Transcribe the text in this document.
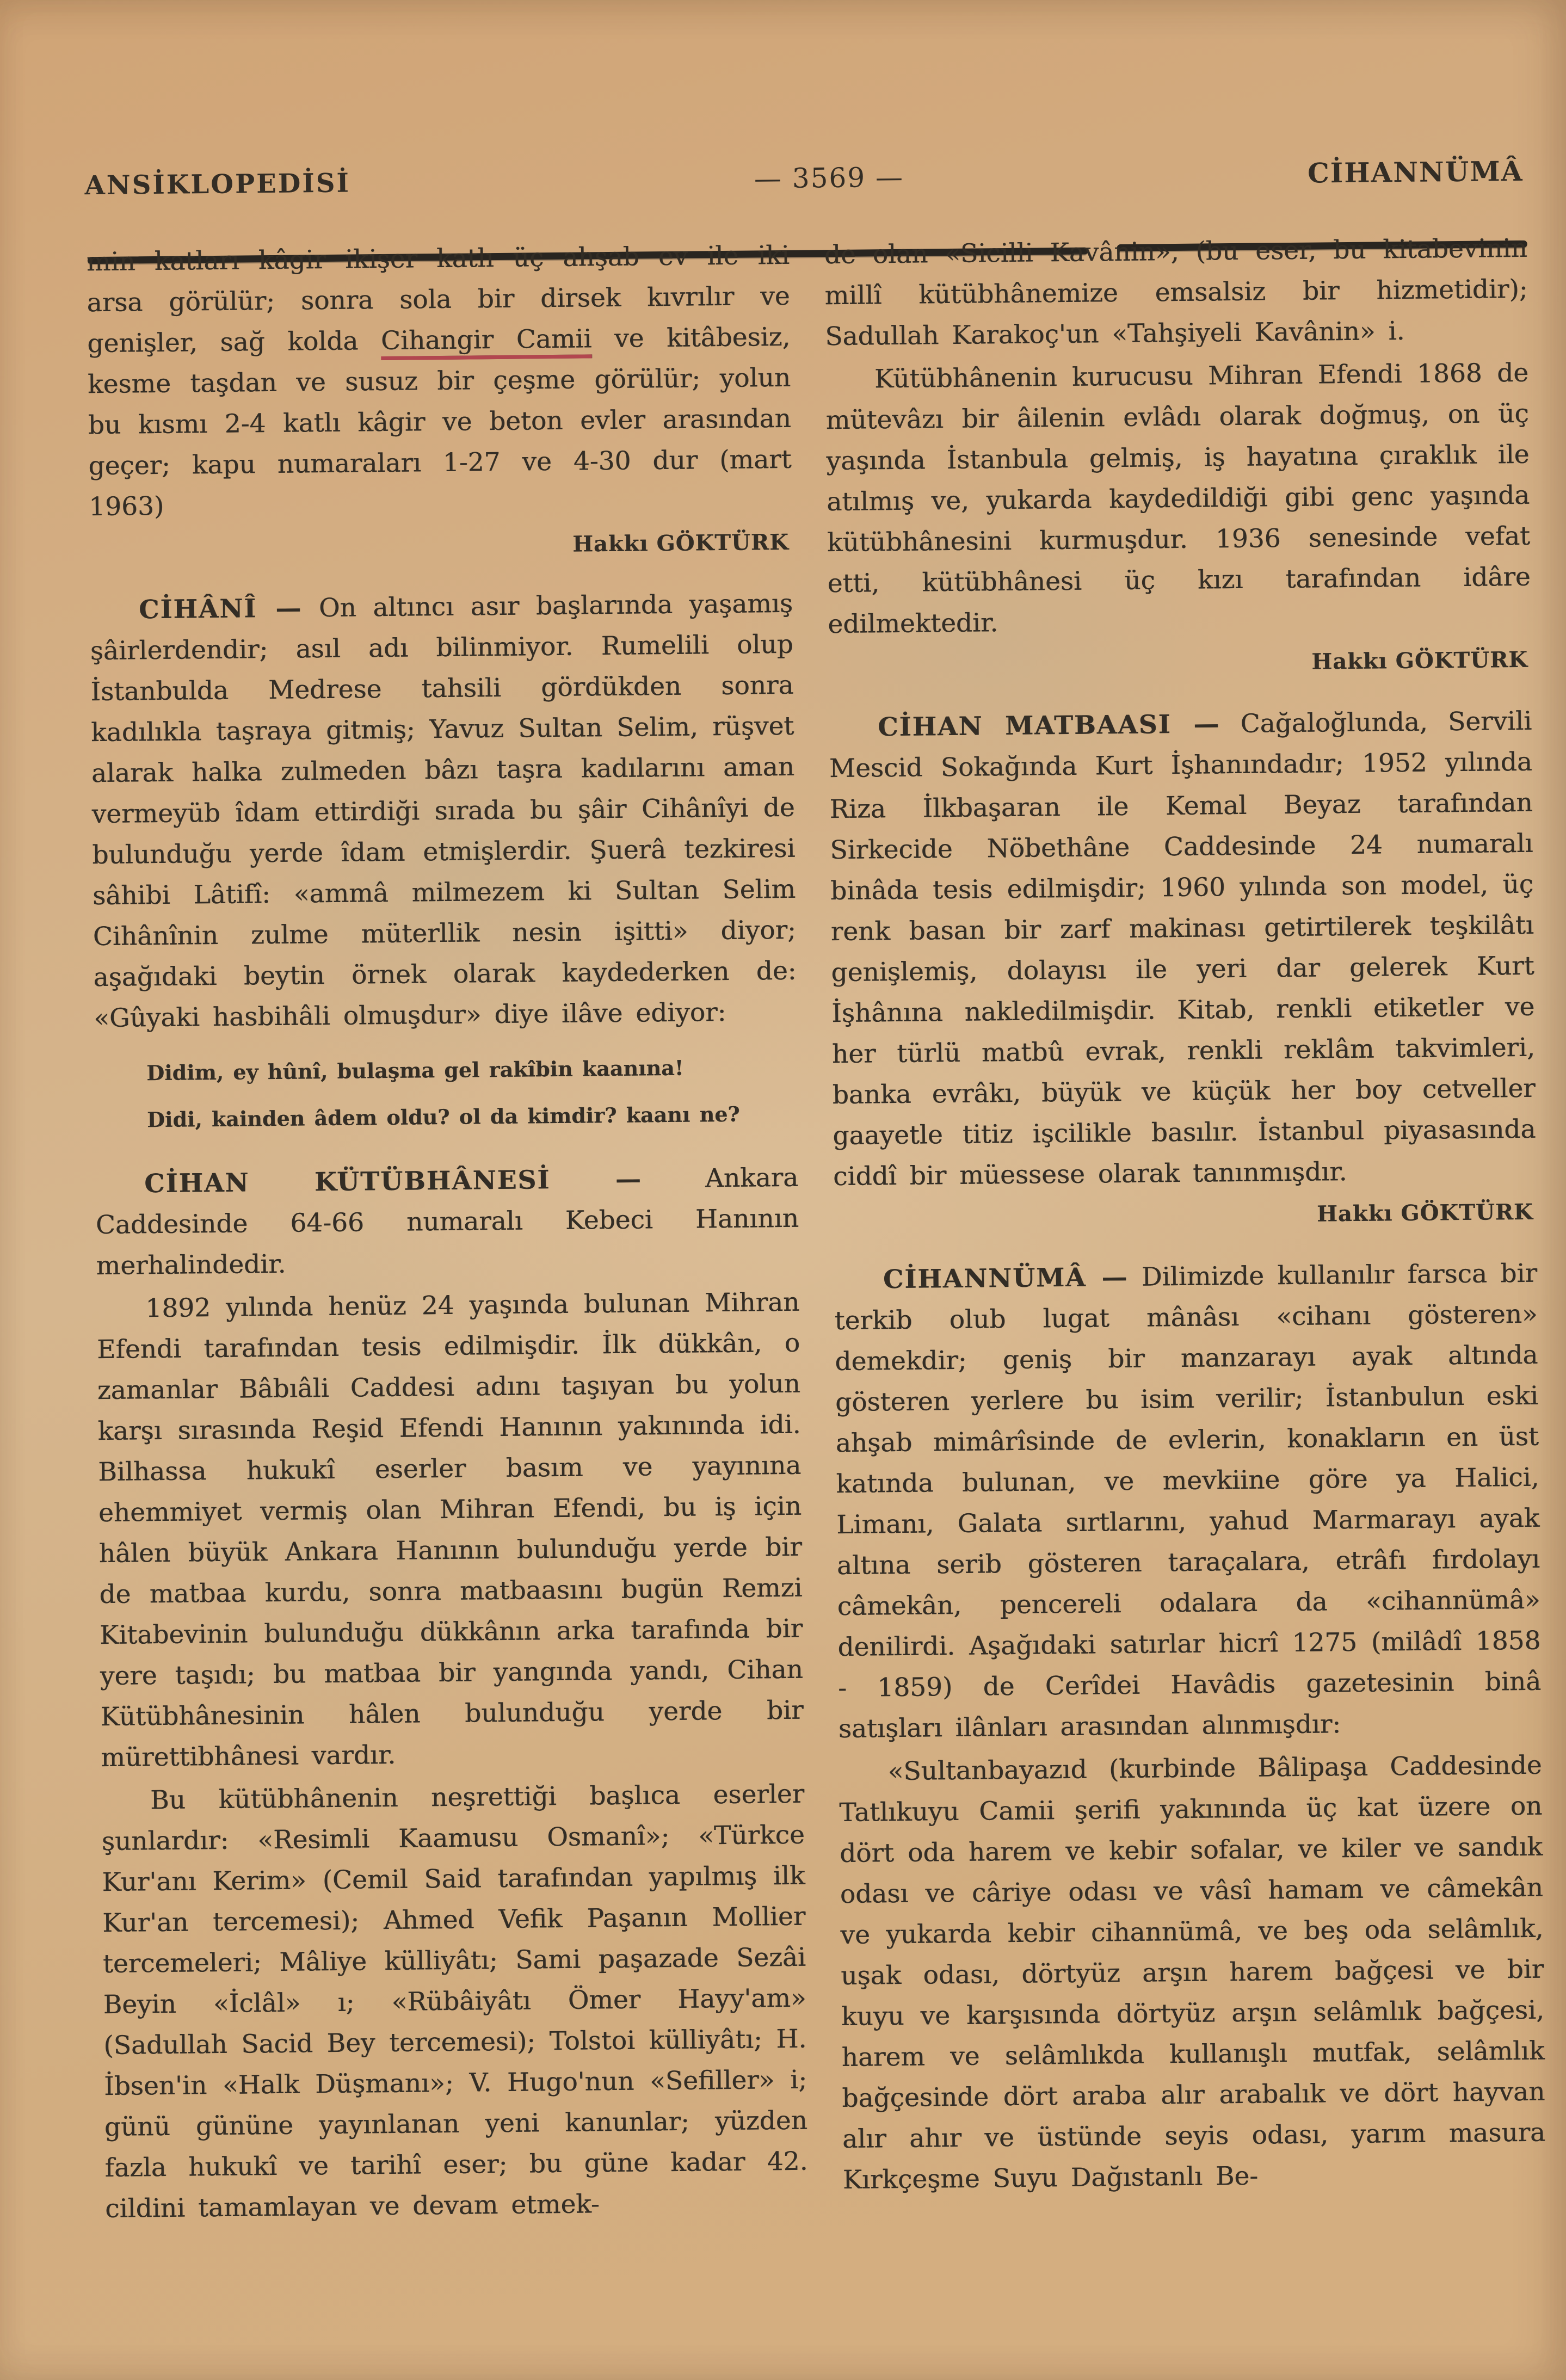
ANSİKLOPEDİSİ	— 3569 —	CİHANNÜMÂ

min katları kâgir ikişer katlı üç ahşab ev ile iki arsa görülür; sonra sola bir dirsek kıvrılır ve genişler, sağ kolda Cihangir Camii ve kitâbesiz, kesme taşdan ve susuz bir çeşme görülür; yolun bu kısmı 2-4 katlı kâgir ve beton evler arasından geçer; kapu numaraları 1-27 ve 4-30 dur (mart 1963)

Hakkı GÖKTÜRK

CİHÂNÎ — On altıncı asır başlarında yaşamış şâirlerdendir; asıl adı bilinmiyor. Rumelili olup İstanbulda Medrese tahsili gördükden sonra kadılıkla taşraya gitmiş; Yavuz Sultan Selim, rüşvet alarak halka zulmeden bâzı taşra kadılarını aman vermeyüb îdam ettirdiği sırada bu şâir Cihânîyi de bulunduğu yerde îdam etmişlerdir. Şuerâ tezkiresi sâhibi Lâtifî: «ammâ milmezem ki Sultan Selim Cihânînin zulme müterllik nesin işitti» diyor; aşağıdaki beytin örnek olarak kaydederken de: «Gûyaki hasbihâli olmuşdur» diye ilâve ediyor:

Didim, ey hûnî, bulaşma gel rakîbin kaanına!

Didi, kainden âdem oldu? ol da kimdir? kaanı ne?

CİHAN KÜTÜBHÂNESİ — Ankara Caddesinde 64-66 numaralı Kebeci Hanının merhalindedir.

1892 yılında henüz 24 yaşında bulunan Mihran Efendi tarafından tesis edilmişdir. İlk dükkân, o zamanlar Bâbıâli Caddesi adını taşıyan bu yolun karşı sırasında Reşid Efendi Hanının yakınında idi. Bilhassa hukukî eserler basım ve yayınına ehemmiyet vermiş olan Mihran Efendi, bu iş için hâlen büyük Ankara Hanının bulunduğu yerde bir de matbaa kurdu, sonra matbaasını bugün Remzi Kitabevinin bulunduğu dükkânın arka tarafında bir yere taşıdı; bu matbaa bir yangında yandı, Cihan Kütübhânesinin hâlen bulunduğu yerde bir mürettibhânesi vardır.

Bu kütübhânenin neşrettiği başlıca eserler şunlardır: «Resimli Kaamusu Osmanî»; «Türkce Kur'anı Kerim» (Cemil Said tarafından yapılmış ilk Kur'an tercemesi); Ahmed Vefik Paşanın Mollier tercemeleri; Mâliye külliyâtı; Sami paşazade Sezâi Beyin «İclâl» ı; «Rübâiyâtı Ömer Hayy'am» (Sadullah Sacid Bey tercemesi); Tolstoi külliyâtı; H. İbsen'in «Halk Düşmanı»; V. Hugo'nun «Sefiller» i; günü gününe yayınlanan yeni kanunlar; yüzden fazla hukukî ve tarihî eser; bu güne kadar 42. cildini tamamlayan ve devam etmek-

de olan «Sicilli Kavânin», (bu eser, bu kitabevinin millî kütübhânemize emsalsiz bir hizmetidir); Sadullah Karakoç'un «Tahşiyeli Kavânin» i.

Kütübhânenin kurucusu Mihran Efendi 1868 de mütevâzı bir âilenin evlâdı olarak doğmuş, on üç yaşında İstanbula gelmiş, iş hayatına çıraklık ile atılmış ve, yukarda kaydedildiği gibi genc yaşında kütübhânesini kurmuşdur. 1936 senesinde vefat etti, kütübhânesi üç kızı tarafından idâre edilmektedir.

Hakkı GÖKTÜRK

CİHAN MATBAASI — Cağaloğlunda, Servili Mescid Sokağında Kurt İşhanındadır; 1952 yılında Riza İlkbaşaran ile Kemal Beyaz tarafından Sirkecide Nöbethâne Caddesinde 24 numaralı binâda tesis edilmişdir; 1960 yılında son model, üç renk basan bir zarf makinası getirtilerek teşkilâtı genişlemiş, dolayısı ile yeri dar gelerek Kurt İşhânına nakledilmişdir. Kitab, renkli etiketler ve her türlü matbû evrak, renkli reklâm takvimleri, banka evrâkı, büyük ve küçük her boy cetveller gaayetle titiz işcilikle basılır. İstanbul piyasasında ciddî bir müessese olarak tanınmışdır.

Hakkı GÖKTÜRK

CİHANNÜMÂ — Dilimizde kullanılır farsca bir terkib olub lugat mânâsı «cihanı gösteren» demekdir; geniş bir manzarayı ayak altında gösteren yerlere bu isim verilir; İstanbulun eski ahşab mimârîsinde de evlerin, konakların en üst katında bulunan, ve mevkiine göre ya Halici, Limanı, Galata sırtlarını, yahud Marmarayı ayak altına serib gösteren taraçalara, etrâfı fırdolayı câmekân, pencereli odalara da «cihannümâ» denilirdi. Aşağıdaki satırlar hicrî 1275 (milâdî 1858 - 1859) de Cerîdei Havâdis gazetesinin binâ satışları ilânları arasından alınmışdır:

«Sultanbayazıd (kurbinde Bâlipaşa Caddesinde Tatlıkuyu Camii şerifi yakınında üç kat üzere on dört oda harem ve kebir sofalar, ve kiler ve sandık odası ve câriye odası ve vâsî hamam ve câmekân ve yukarda kebir cihannümâ, ve beş oda selâmlık, uşak odası, dörtyüz arşın harem bağçesi ve bir kuyu ve karşısında dörtyüz arşın selâmlık bağçesi, harem ve selâmlıkda kullanışlı mutfak, selâmlık bağçesinde dört araba alır arabalık ve dört hayvan alır ahır ve üstünde seyis odası, yarım masura Kırkçeşme Suyu Dağıstanlı Be-
